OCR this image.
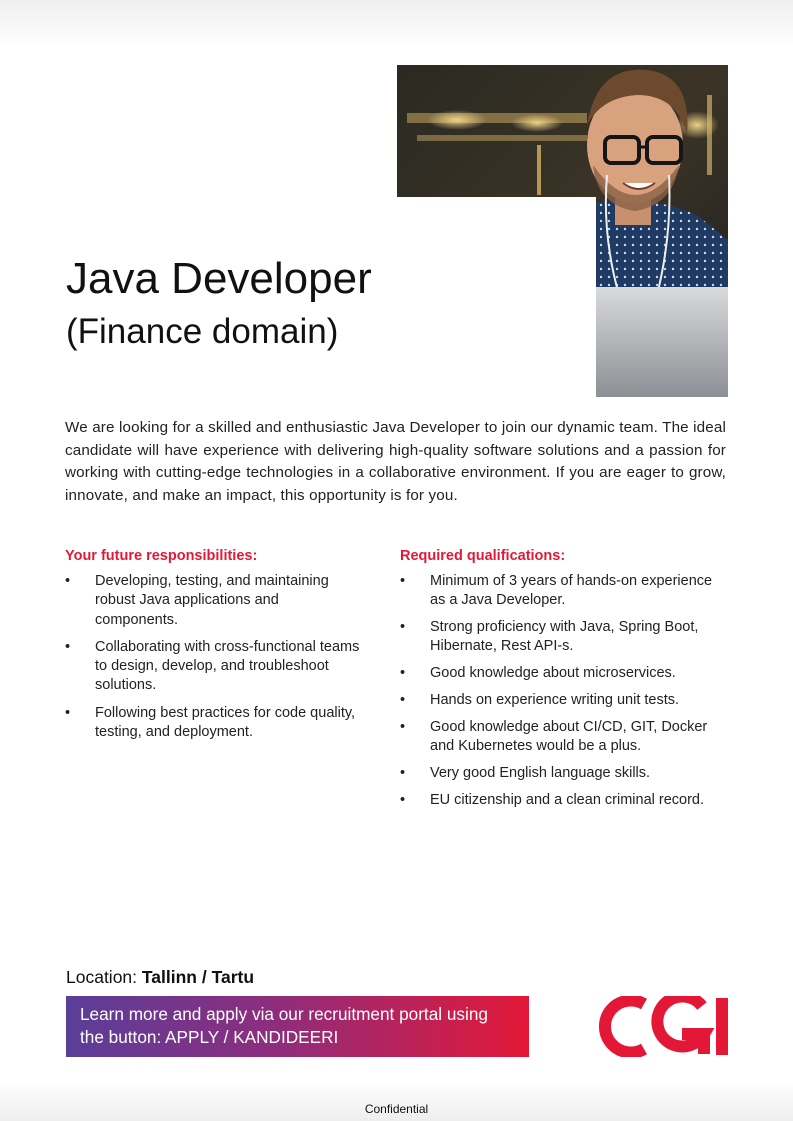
Java Developer
(Finance domain)

We are looking for a skilled and enthusiastic Java Developer to join our dynamic team. The ideal candidate will have experience with delivering high-quality software solutions and a passion for working with cutting-edge technologies in a collaborative environment. If you are eager to grow, innovate, and make an impact, this opportunity is for you.

Your future responsibilities:
• Developing, testing, and maintaining robust Java applications and components.
• Collaborating with cross-functional teams to design, develop, and troubleshoot solutions.
• Following best practices for code quality, testing, and deployment.
Required qualifications:
• Minimum of 3 years of hands-on experience as a Java Developer.
• Strong proficiency with Java, Spring Boot, Hibernate, Rest API-s.
• Good knowledge about microservices.
• Hands on experience writing unit tests.
• Good knowledge about CI/CD, GIT, Docker and Kubernetes would be a plus.
• Very good English language skills.
• EU citizenship and a clean criminal record.
Location: Tallinn / Tartu
Learn more and apply via our recruitment portal using
the button: APPLY / KANDIDEERI
Confidential
